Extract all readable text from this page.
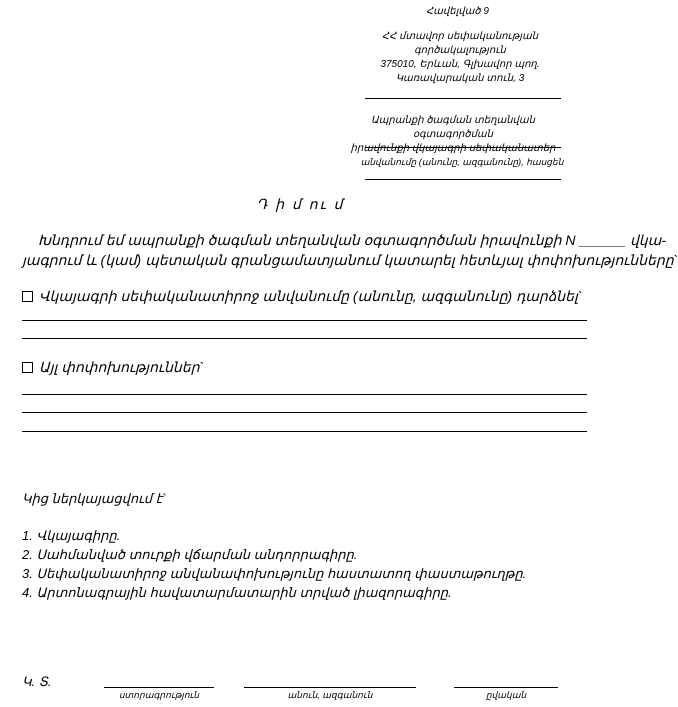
Հավելված 9
ՀՀ մտավոր սեփականության
գործակալություն
375010, Երևան, Գլխավոր պող.
Կառավարական տուն, 3
Ապրանքի ծագման տեղանվան օգտագործման
իրավունքի վկայագրի սեփականատեր
անվանումը (անունը, ազգանունը), հասցեն
Դ ի մ ու մ
Խնդրում եմ ապրանքի ծագման տեղանվան օգտագործման իրավունքի N ______ վկա-
յագրում և (կամ) պետական գրանցամատյանում կատարել հետևյալ փոփոխությունները`
Վկայագրի սեփականատիրոջ անվանումը (անունը, ազգանունը) դարձնել`
Այլ փոփոխություններ`
Կից ներկայացվում է`
1. Վկայագիրը.
2. Սահմանված տուրքի վճարման անդորրագիրը.
3. Սեփականատիրոջ անվանափոխությունը հաստատող փաստաթուղթը.
4. Արտոնագրային հավատարմատարին տրված լիազորագիրը.
Կ. Տ.
ստորագրություն	անուն, ազգանուն	ըվական
